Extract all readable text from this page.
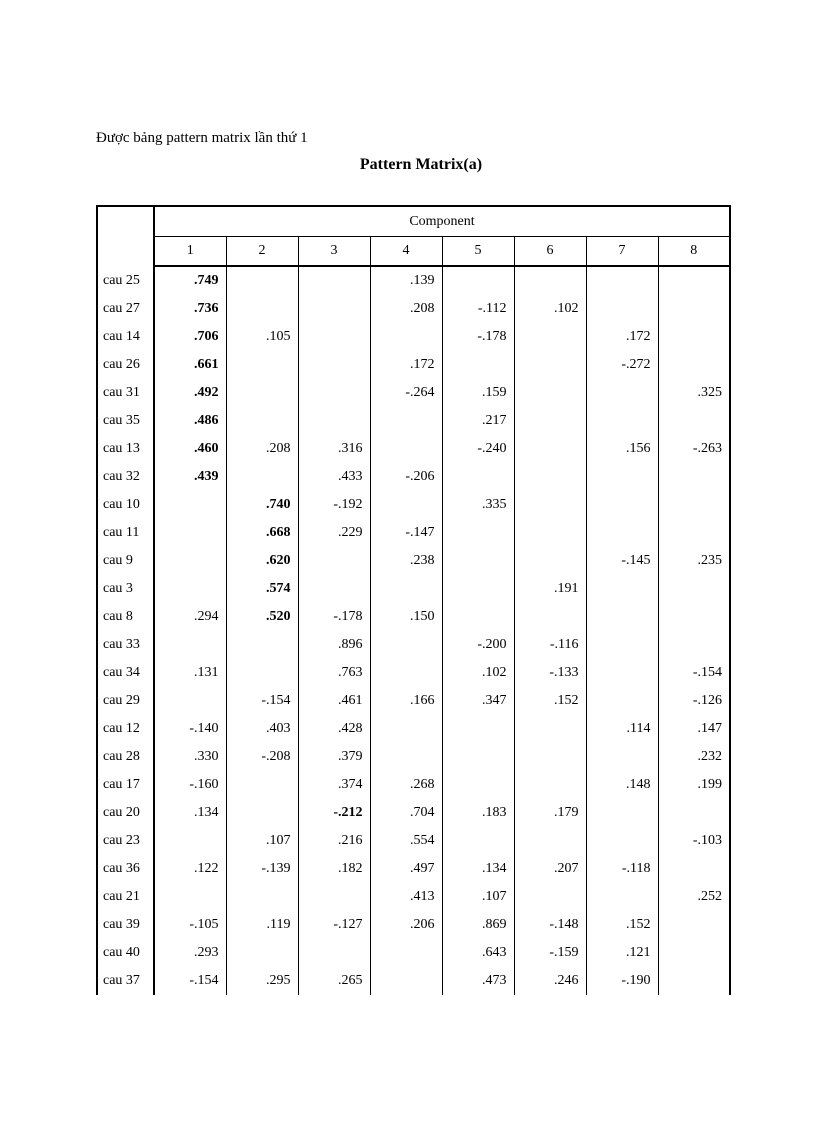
Được bảng pattern matrix lần thứ 1
Pattern Matrix(a)
	Component							
	1	2	3	4	5	6	7	8
cau 25	.749			.139				
cau 27	.736			.208	-.112	.102		
cau 14	.706	.105			-.178		.172	
cau 26	.661			.172			-.272	
cau 31	.492			-.264	.159			.325
cau 35	.486				.217			
cau 13	.460	.208	.316		-.240		.156	-.263
cau 32	.439		.433	-.206				
cau 10		.740	-.192		.335			
cau 11		.668	.229	-.147				
cau 9		.620		.238			-.145	.235
cau 3		.574				.191		
cau 8	.294	.520	-.178	.150				
cau 33			.896		-.200	-.116		
cau 34	.131		.763		.102	-.133		-.154
cau 29		-.154	.461	.166	.347	.152		-.126
cau 12	-.140	.403	.428				.114	.147
cau 28	.330	-.208	.379					.232
cau 17	-.160		.374	.268			.148	.199
cau 20	.134		-.212	.704	.183	.179		
cau 23		.107	.216	.554				-.103
cau 36	.122	-.139	.182	.497	.134	.207	-.118	
cau 21				.413	.107			.252
cau 39	-.105	.119	-.127	.206	.869	-.148	.152	
cau 40	.293				.643	-.159	.121	
cau 37	-.154	.295	.265		.473	.246	-.190	
